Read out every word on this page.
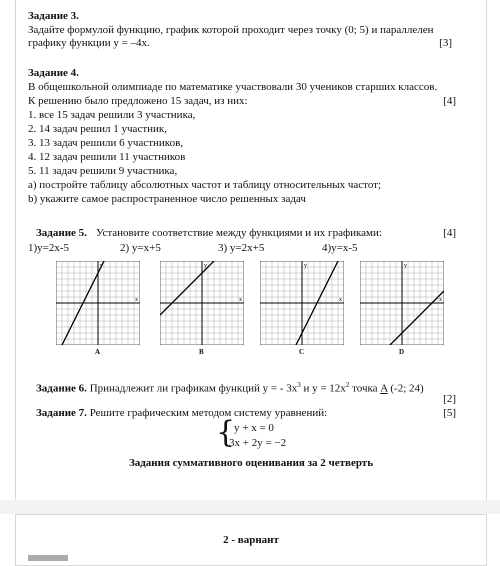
Задание 3.
Задайте формулой функцию, график которой проходит через точку (0; 5) и параллелен
графику функции y = –4x.	[3]
Задание 4.
В общешкольной олимпиаде по математике участвовали 30 учеников старших классов.
К решению было предложено 15 задач, из них:	[4]
1. все 15 задач решили 3 участника,
2. 14 задач решил 1 участник,
3. 13 задач решили 6 участников,
4. 12 задач решили 11 участников
5. 11 задач решили 9 участника,
а) постройте таблицу абсолютных частот и таблицу относительных частот;
b) укажите самое распространенное число решенных задач
Задание 5. Установите соответствие между функциями и их графиками:	[4]
1)y=2x-5	2) y=x+5	3) y=2x+5	4)y=x-5
x	x
y
x
y
x
y
A	B	C	D
Задание 6. Принадлежит ли графикам функций y = - $3x^3$ и $y = 12x^2$ точка A (-2; 24)
[2]
Задание 7. Решите графическим методом систему уравнений:	[5]
{
y + x = 0
3x + 2y = −2
Задания суммативного оценивания за 2 четверть
2 - варнант
